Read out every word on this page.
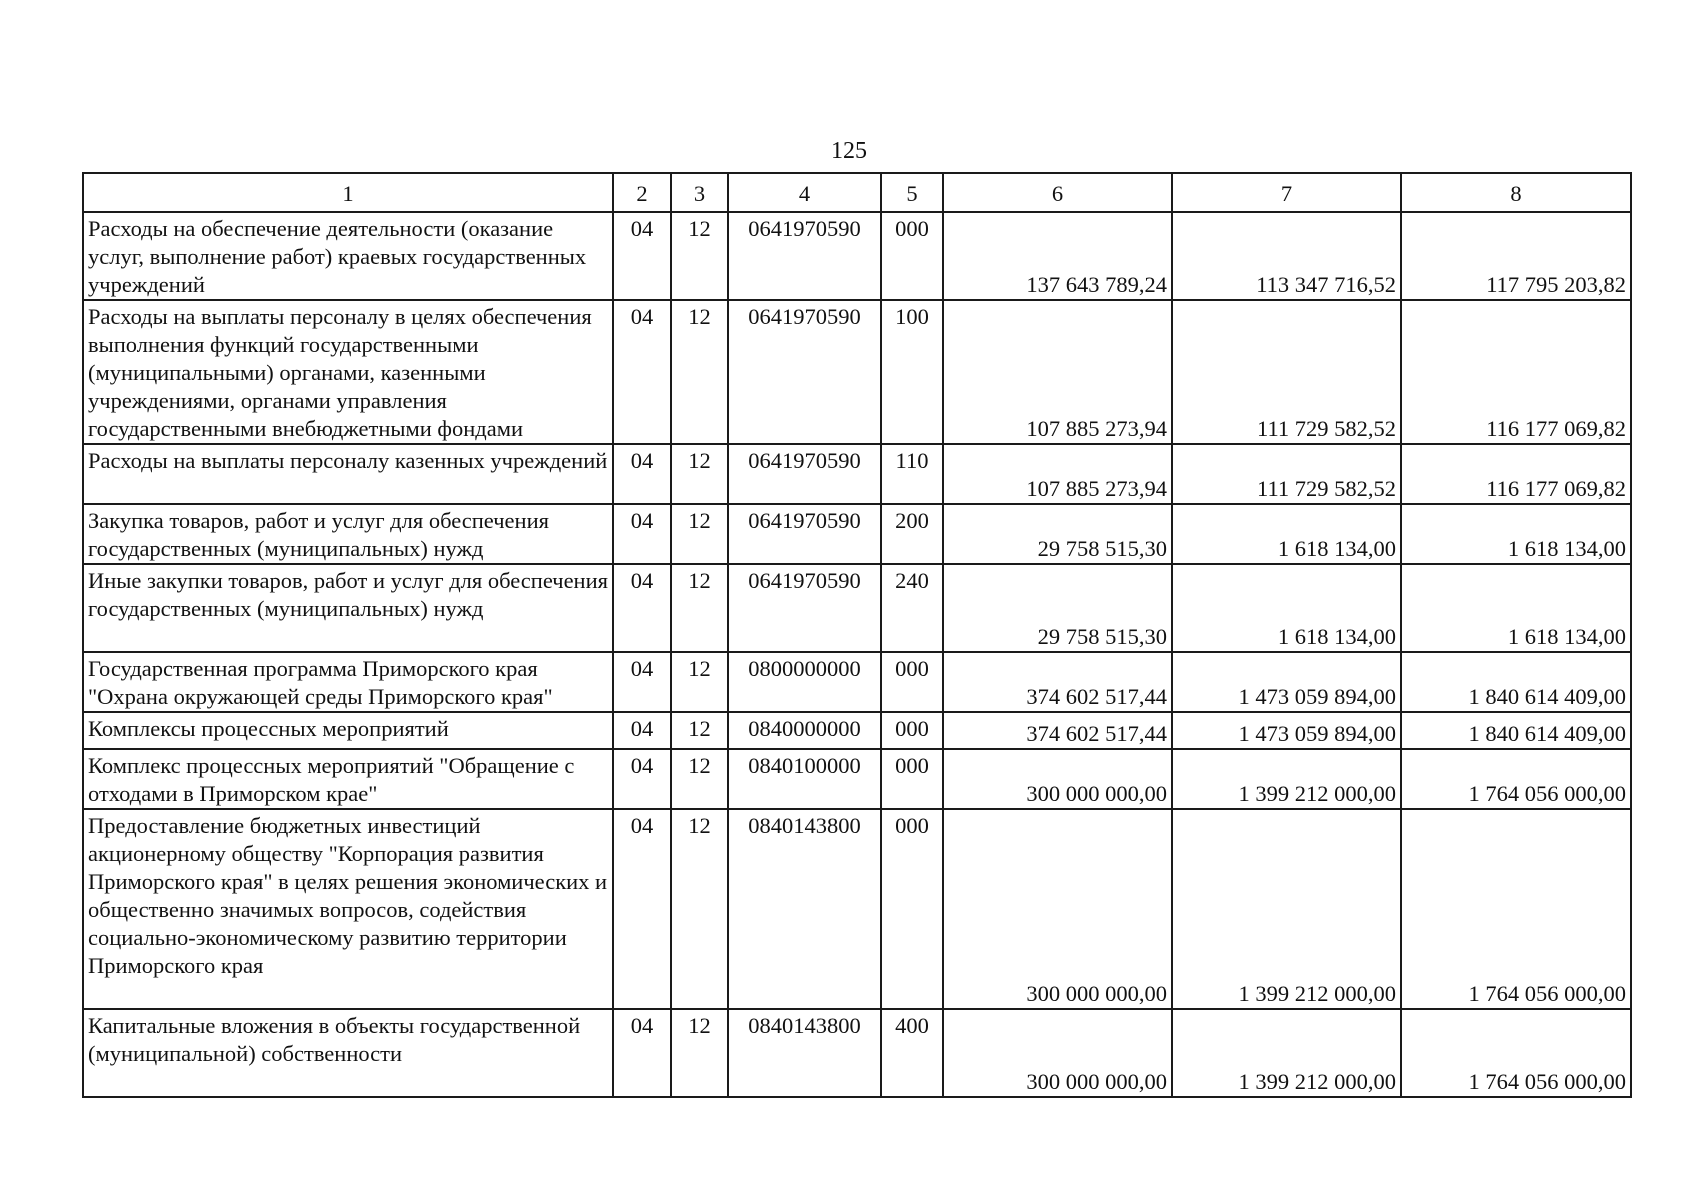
125
1	2	3	4	5	6	7	8
Расходы на обеспечение деятельности (оказание услуг, выполнение работ) краевых государственных учреждений	04	12	0641970590	000	137 643 789,24	113 347 716,52	117 795 203,82
Расходы на выплаты персоналу в целях обеспечения выполнения функций государственными (муниципальными) органами, казенными учреждениями, органами управления государственными внебюджетными фондами	04	12	0641970590	100	107 885 273,94	111 729 582,52	116 177 069,82
Расходы на выплаты персоналу казенных учреждений	04	12	0641970590	110	107 885 273,94	111 729 582,52	116 177 069,82
Закупка товаров, работ и услуг для обеспечения государственных (муниципальных) нужд	04	12	0641970590	200	29 758 515,30	1 618 134,00	1 618 134,00
Иные закупки товаров, работ и услуг для обеспечения государственных (муниципальных) нужд	04	12	0641970590	240	29 758 515,30	1 618 134,00	1 618 134,00
Государственная программа Приморского края "Охрана окружающей среды Приморского края"	04	12	0800000000	000	374 602 517,44	1 473 059 894,00	1 840 614 409,00
Комплексы процессных мероприятий	04	12	0840000000	000	374 602 517,44	1 473 059 894,00	1 840 614 409,00
Комплекс процессных мероприятий "Обращение с отходами в Приморском крае"	04	12	0840100000	000	300 000 000,00	1 399 212 000,00	1 764 056 000,00
Предоставление бюджетных инвестиций акционерному обществу "Корпорация развития Приморского края" в целях решения экономических и общественно значимых вопросов, содействия социально-экономическому развитию территории Приморского края	04	12	0840143800	000	300 000 000,00	1 399 212 000,00	1 764 056 000,00
Капитальные вложения в объекты государственной (муниципальной) собственности	04	12	0840143800	400	300 000 000,00	1 399 212 000,00	1 764 056 000,00
